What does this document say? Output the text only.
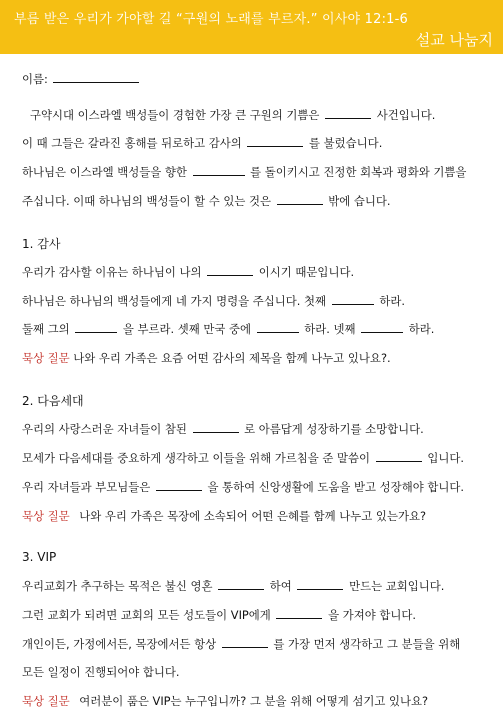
부름 받은 우리가 가야할 길 “구원의 노래를 부르자.” 이사야 12:1-6
설교 나눔지
이름:
구약시대 이스라엘 백성들이 경험한 가장 큰 구원의 기쁨은	사건입니다.
이 때 그들은 갈라진 홍해를 뒤로하고 감사의	를 불렀습니다.
하나님은 이스라엘 백성들을 향한	를 돌이키시고 진정한 회복과 평화와 기쁨을
주십니다. 이때 하나님의 백성들이 할 수 있는 것은	밖에 습니다.
1. 감사
우리가 감사할 이유는 하나님이 나의	이시기 때문입니다.
하나님은 하나님의 백성들에게 네 가지 명령을 주십니다. 첫째	하라.
둘째 그의	을 부르라. 셋째 만국 중에	하라. 넷째	하라.
묵상 질문 나와 우리 가족은 요즘 어떤 감사의 제목을 함께 나누고 있나요?.
2. 다음세대
우리의 사랑스러운 자녀들이 참된	로 아름답게 성장하기를 소망합니다.
모세가 다음세대를 중요하게 생각하고 이들을 위해 가르침을 준 말씀이	입니다.
우리 자녀들과 부모님들은	을 통하여 신앙생활에 도움을 받고 성장해야 합니다.
묵상 질문 나와 우리 가족은 목장에 소속되어 어떤 은혜를 함께 나누고 있는가요?
3. VIP
우리교회가 추구하는 목적은 불신 영혼	하여	만드는 교회입니다.
그런 교회가 되려면 교회의 모든 성도들이 VIP에게	을 가져야 합니다.
개인이든, 가정에서든, 목장에서든 항상	를 가장 먼저 생각하고 그 분들을 위해
모든 일정이 진행되어야 합니다.
묵상 질문 여러분이 품은 VIP는 누구입니까? 그 분을 위해 어떻게 섬기고 있나요?
